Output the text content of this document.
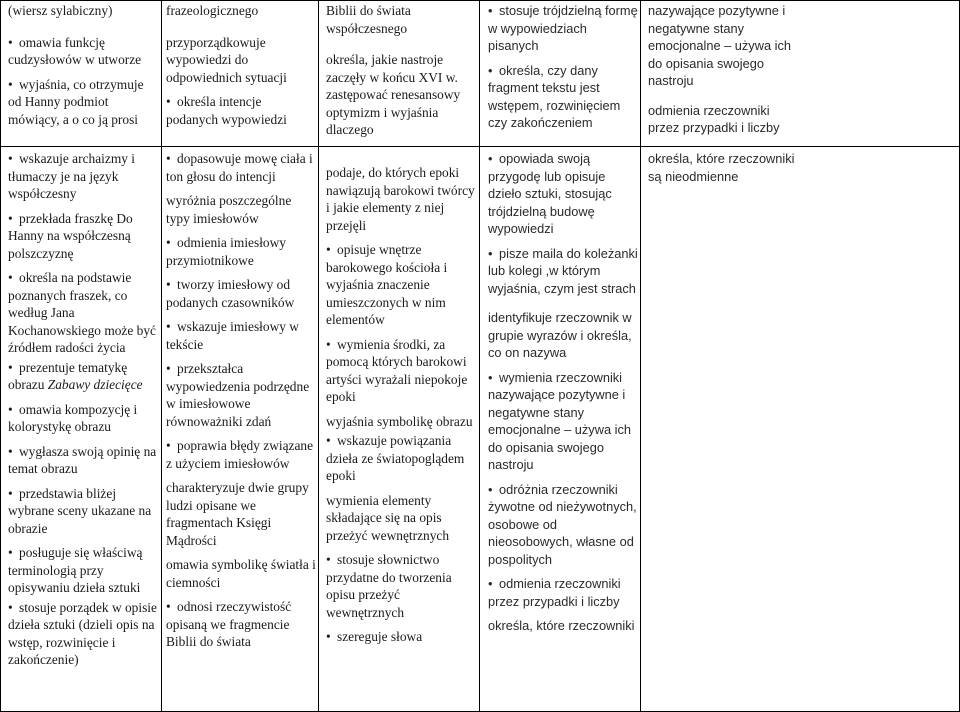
(wiersz sylabiczny)

• omawia funkcję cudzysłowów w utworze

• wyjaśnia, co otrzymuje od Hanny podmiot mówiący, a o co ją prosi

• wskazuje archaizmy i tłumaczy je na język współczesny

• przekłada fraszkę Do Hanny na współczesną polszczyznę

• określa na podstawie poznanych fraszek, co według Jana Kochanowskiego może być źródłem radości życia

• prezentuje tematykę obrazu Zabawy dziecięce

• omawia kompozycję i kolorystykę obrazu

• wygłasza swoją opinię na temat obrazu

• przedstawia bliżej wybrane sceny ukazane na obrazie

• posługuje się właściwą terminologią przy opisywaniu dzieła sztuki

• stosuje porządek w opisie dzieła sztuki (dzieli opis na wstęp, rozwinięcie i zakończenie)

frazeologicznego

przyporządkowuje wypowiedzi do odpowiednich sytuacji

• określa intencje podanych wypowiedzi

• dopasowuje mowę ciała i ton głosu do intencji

wyróżnia poszczególne typy imiesłowów

• odmienia imiesłowy przymiotnikowe

• tworzy imiesłowy od podanych czasowników

• wskazuje imiesłowy w tekście

• przekształca wypowiedzenia podrzędne w imiesłowowe równoważniki zdań

• poprawia błędy związane z użyciem imiesłowów

charakteryzuje dwie grupy ludzi opisane we fragmentach Księgi Mądrości

omawia symbolikę światła i ciemności

• odnosi rzeczywistość opisaną we fragmencie Biblii do świata

Biblii do świata współczesnego

określa, jakie nastroje zaczęły w końcu XVI w. zastępować renesansowy optymizm i wyjaśnia dlaczego

podaje, do których epoki nawiązują barokowi twórcy i jakie elementy z niej przejęli

• opisuje wnętrze barokowego kościoła i wyjaśnia znaczenie umieszczonych w nim elementów

• wymienia środki, za pomocą których barokowi artyści wyrażali niepokoje epoki

wyjaśnia symbolikę obrazu

• wskazuje powiązania dzieła ze światopoglądem epoki

wymienia elementy składające się na opis przeżyć wewnętrznych

• stosuje słownictwo przydatne do tworzenia opisu przeżyć wewnętrznych

• szereguje słowa

• stosuje trójdzielną formę w wypowiedziach pisanych

• określa, czy dany fragment tekstu jest wstępem, rozwinięciem czy zakończeniem

• opowiada swoją przygodę lub opisuje dzieło sztuki, stosując trójdzielną budowę wypowiedzi

• pisze maila do koleżanki lub kolegi ,w którym wyjaśnia, czym jest strach

identyfikuje rzeczownik w grupie wyrazów i określa, co on nazywa

• wymienia rzeczowniki nazywające pozytywne i negatywne stany emocjonalne – używa ich do opisania swojego nastroju

• odróżnia rzeczowniki żywotne od nieżywotnych, osobowe od nieosobowych, własne od pospolitych

• odmienia rzeczowniki przez przypadki i liczby

określa, które rzeczowniki

nazywające pozytywne i negatywne stany emocjonalne – używa ich do opisania swojego nastroju

odmienia rzeczowniki przez przypadki i liczby

określa, które rzeczowniki są nieodmienne
